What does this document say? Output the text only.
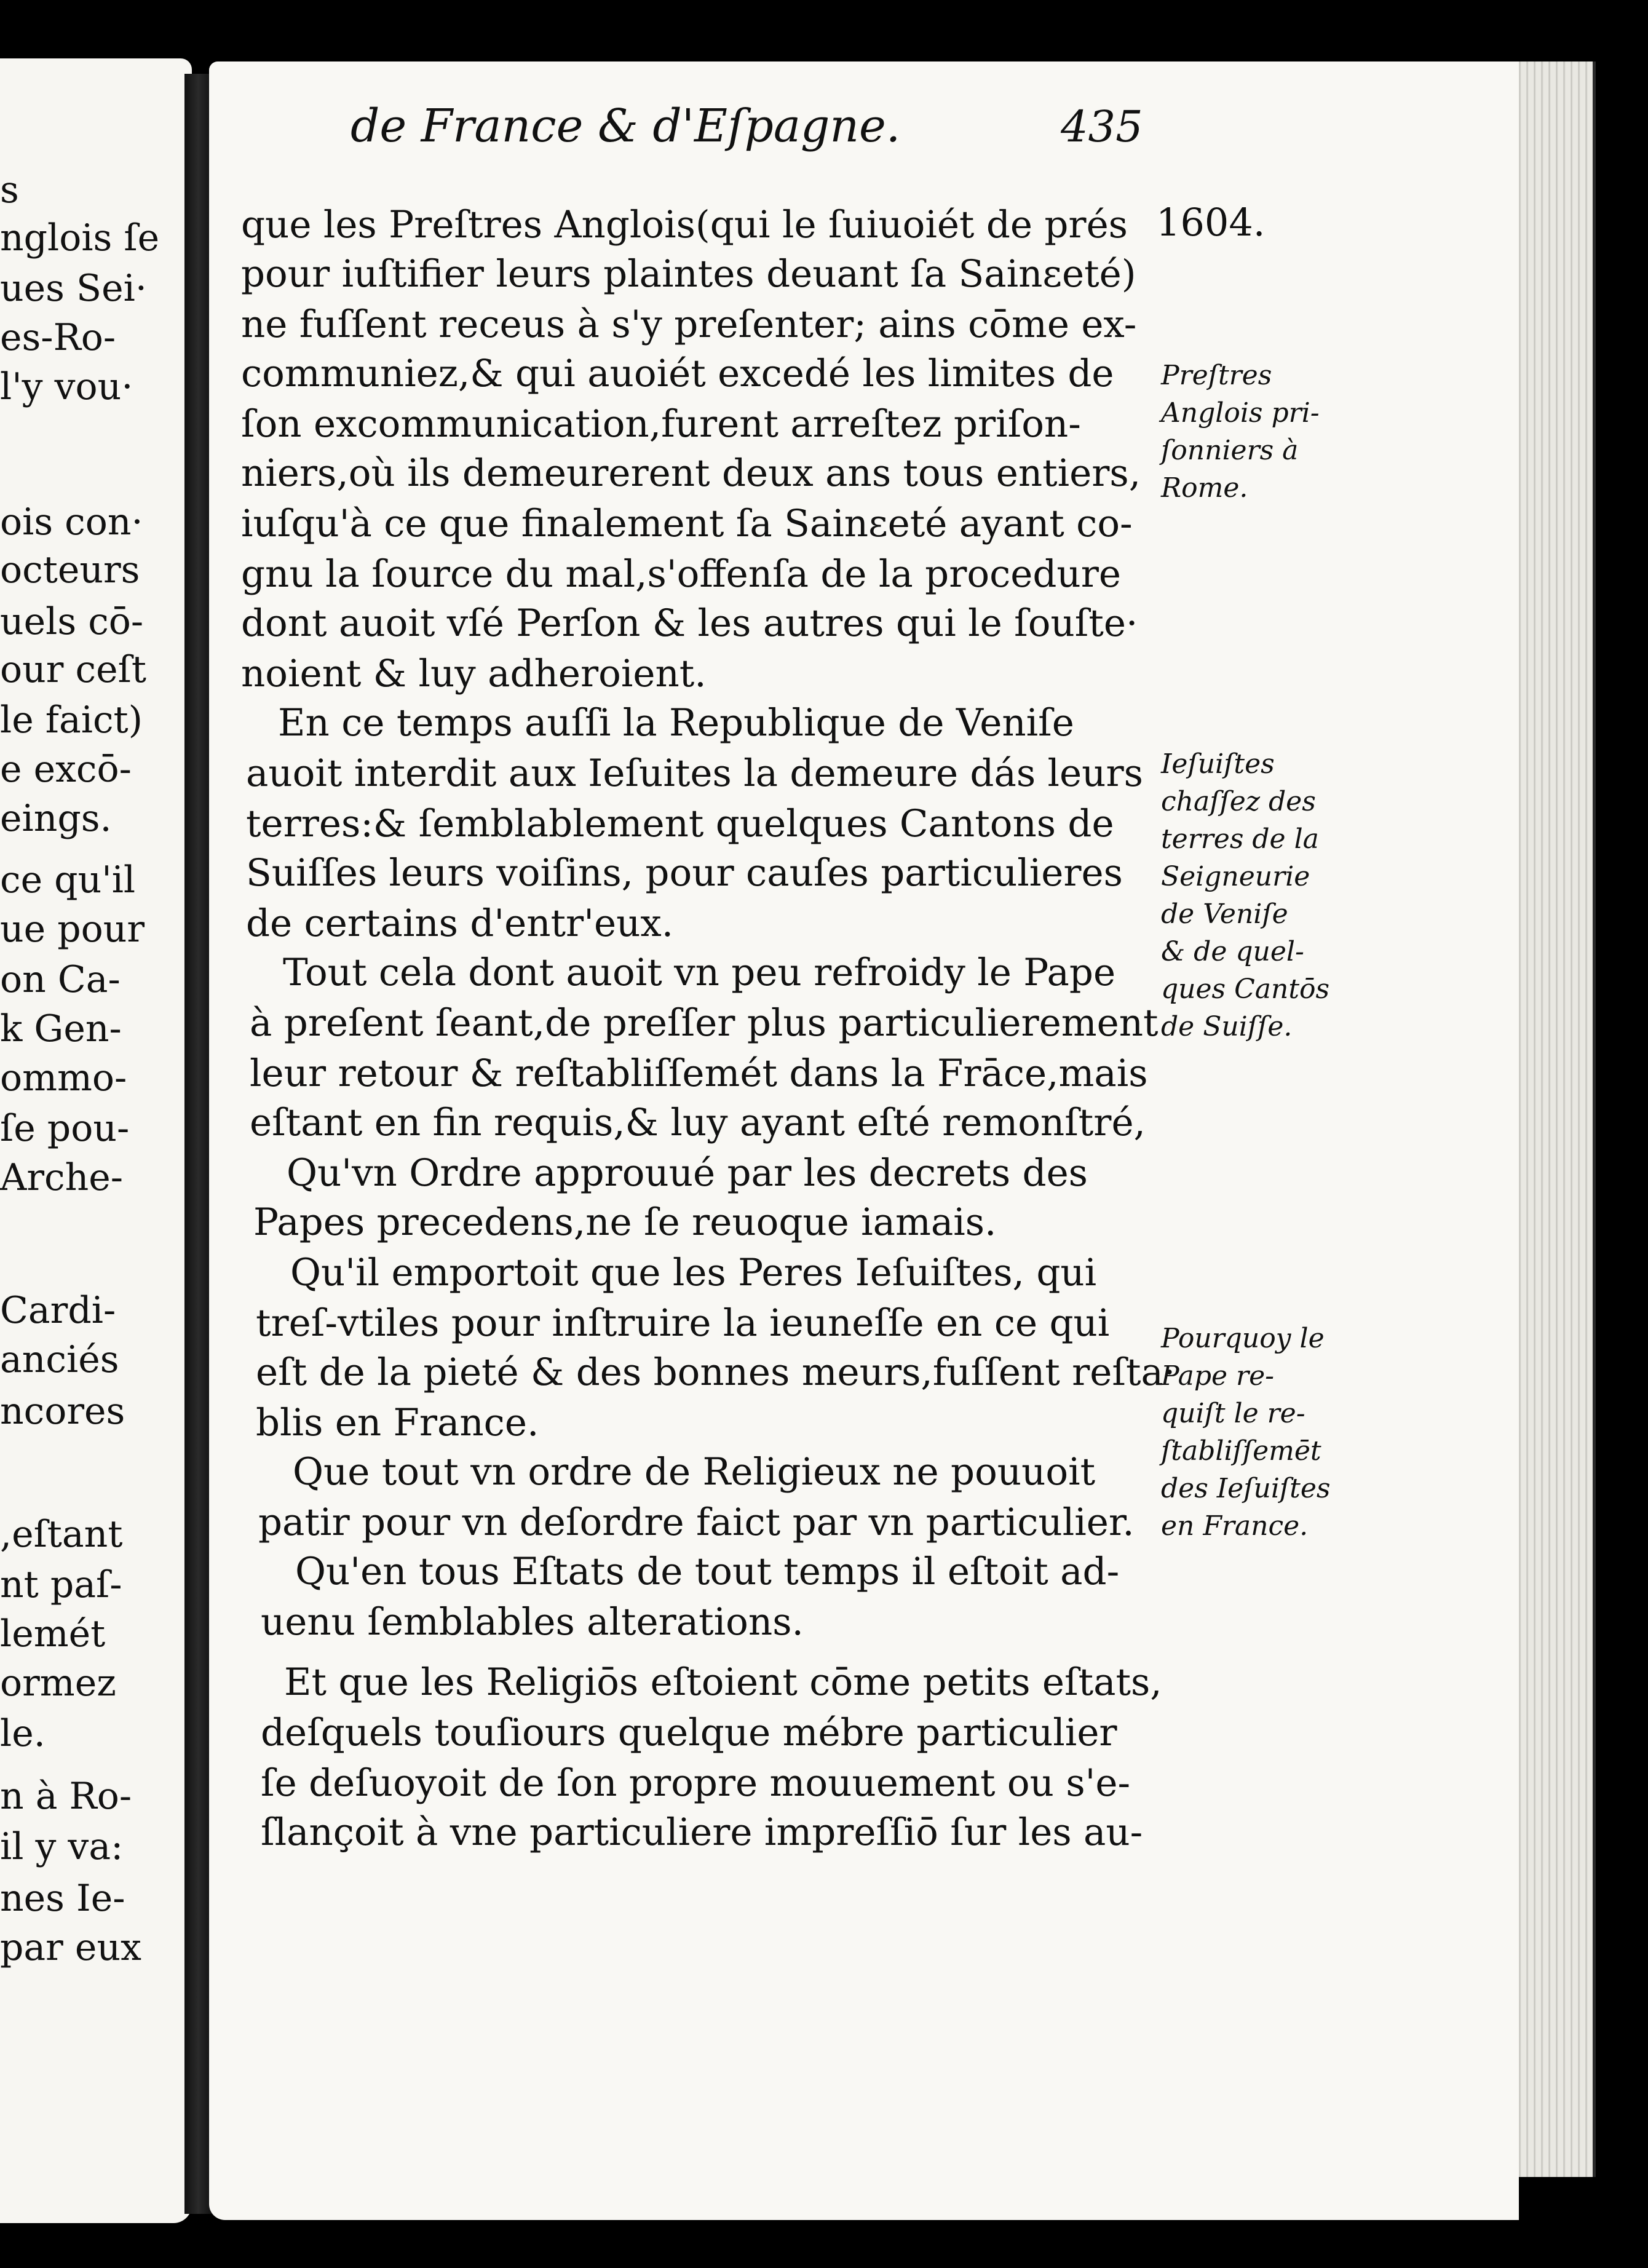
s
nglois ſe
ues Sei·
es-Ro-
l'y vou·
ois con·
octeurs
uels cō-
our ceſt
le faict)
e excō-
eings.
ce qu'il
ue pour
on Ca-
k Gen-
ommo-
ſe pou-
Arche-
Cardi-
anciés
ncores
,eſtant
nt paſ-
lemét
ormez
le.
n à Ro-
il y va:
nes Ie-
par eux
de France & d'Eſpagne.	435
1604.
que les Preſtres Anglois(qui le ſuiuoiét de prés
pour iuſtifier leurs plaintes deuant ſa Sainɛeté)
ne fuſſent receus à s'y preſenter; ains cōme ex-
communiez,& qui auoiét excedé les limites de
ſon excommunication,furent arreſtez priſon-
niers,où ils demeurerent deux ans tous entiers,
iuſqu'à ce que finalement ſa Sainɛeté ayant co-
gnu la ſource du mal,s'offenſa de la procedure
dont auoit vſé Perſon & les autres qui le ſouſte·
noient & luy adheroient.
En ce temps auſſi la Republique de Veniſe
auoit interdit aux Ieſuites la demeure dás leurs
terres:& ſemblablement quelques Cantons de
Suiſſes leurs voiſins, pour cauſes particulieres
de certains d'entr'eux.
Tout cela dont auoit vn peu refroidy le Pape
à preſent ſeant,de preſſer plus particulierement
leur retour & reſtabliſſemét dans la Frāce,mais
eſtant en fin requis,& luy ayant eſté remonſtré,
Qu'vn Ordre approuué par les decrets des
Papes precedens,ne ſe reuoque iamais.
Qu'il emportoit que les Peres Ieſuiſtes, qui
treſ-vtiles pour inſtruire la ieuneſſe en ce qui
eſt de la pieté & des bonnes meurs,fuſſent reſta·
blis en France.
Que tout vn ordre de Religieux ne pouuoit
patir pour vn deſordre faict par vn particulier.
Qu'en tous Eſtats de tout temps il eſtoit ad-
uenu ſemblables alterations.
Et que les Religiōs eſtoient cōme petits eſtats,
deſquels touſiours quelque mébre particulier
ſe deſuoyoit de ſon propre mouuement ou s'e-
ſlançoit à vne particuliere impreſſiō ſur les au-
Preſtres
Anglois pri-
ſonniers à
Rome.
Ieſuiſtes
chaſſez des
terres de la
Seigneurie
de Veniſe
& de quel-
ques Cantōs
de Suiſſe.
Pourquoy le
Pape re-
quiſt le re-
ſtabliſſemēt
des Ieſuiſtes
en France.
